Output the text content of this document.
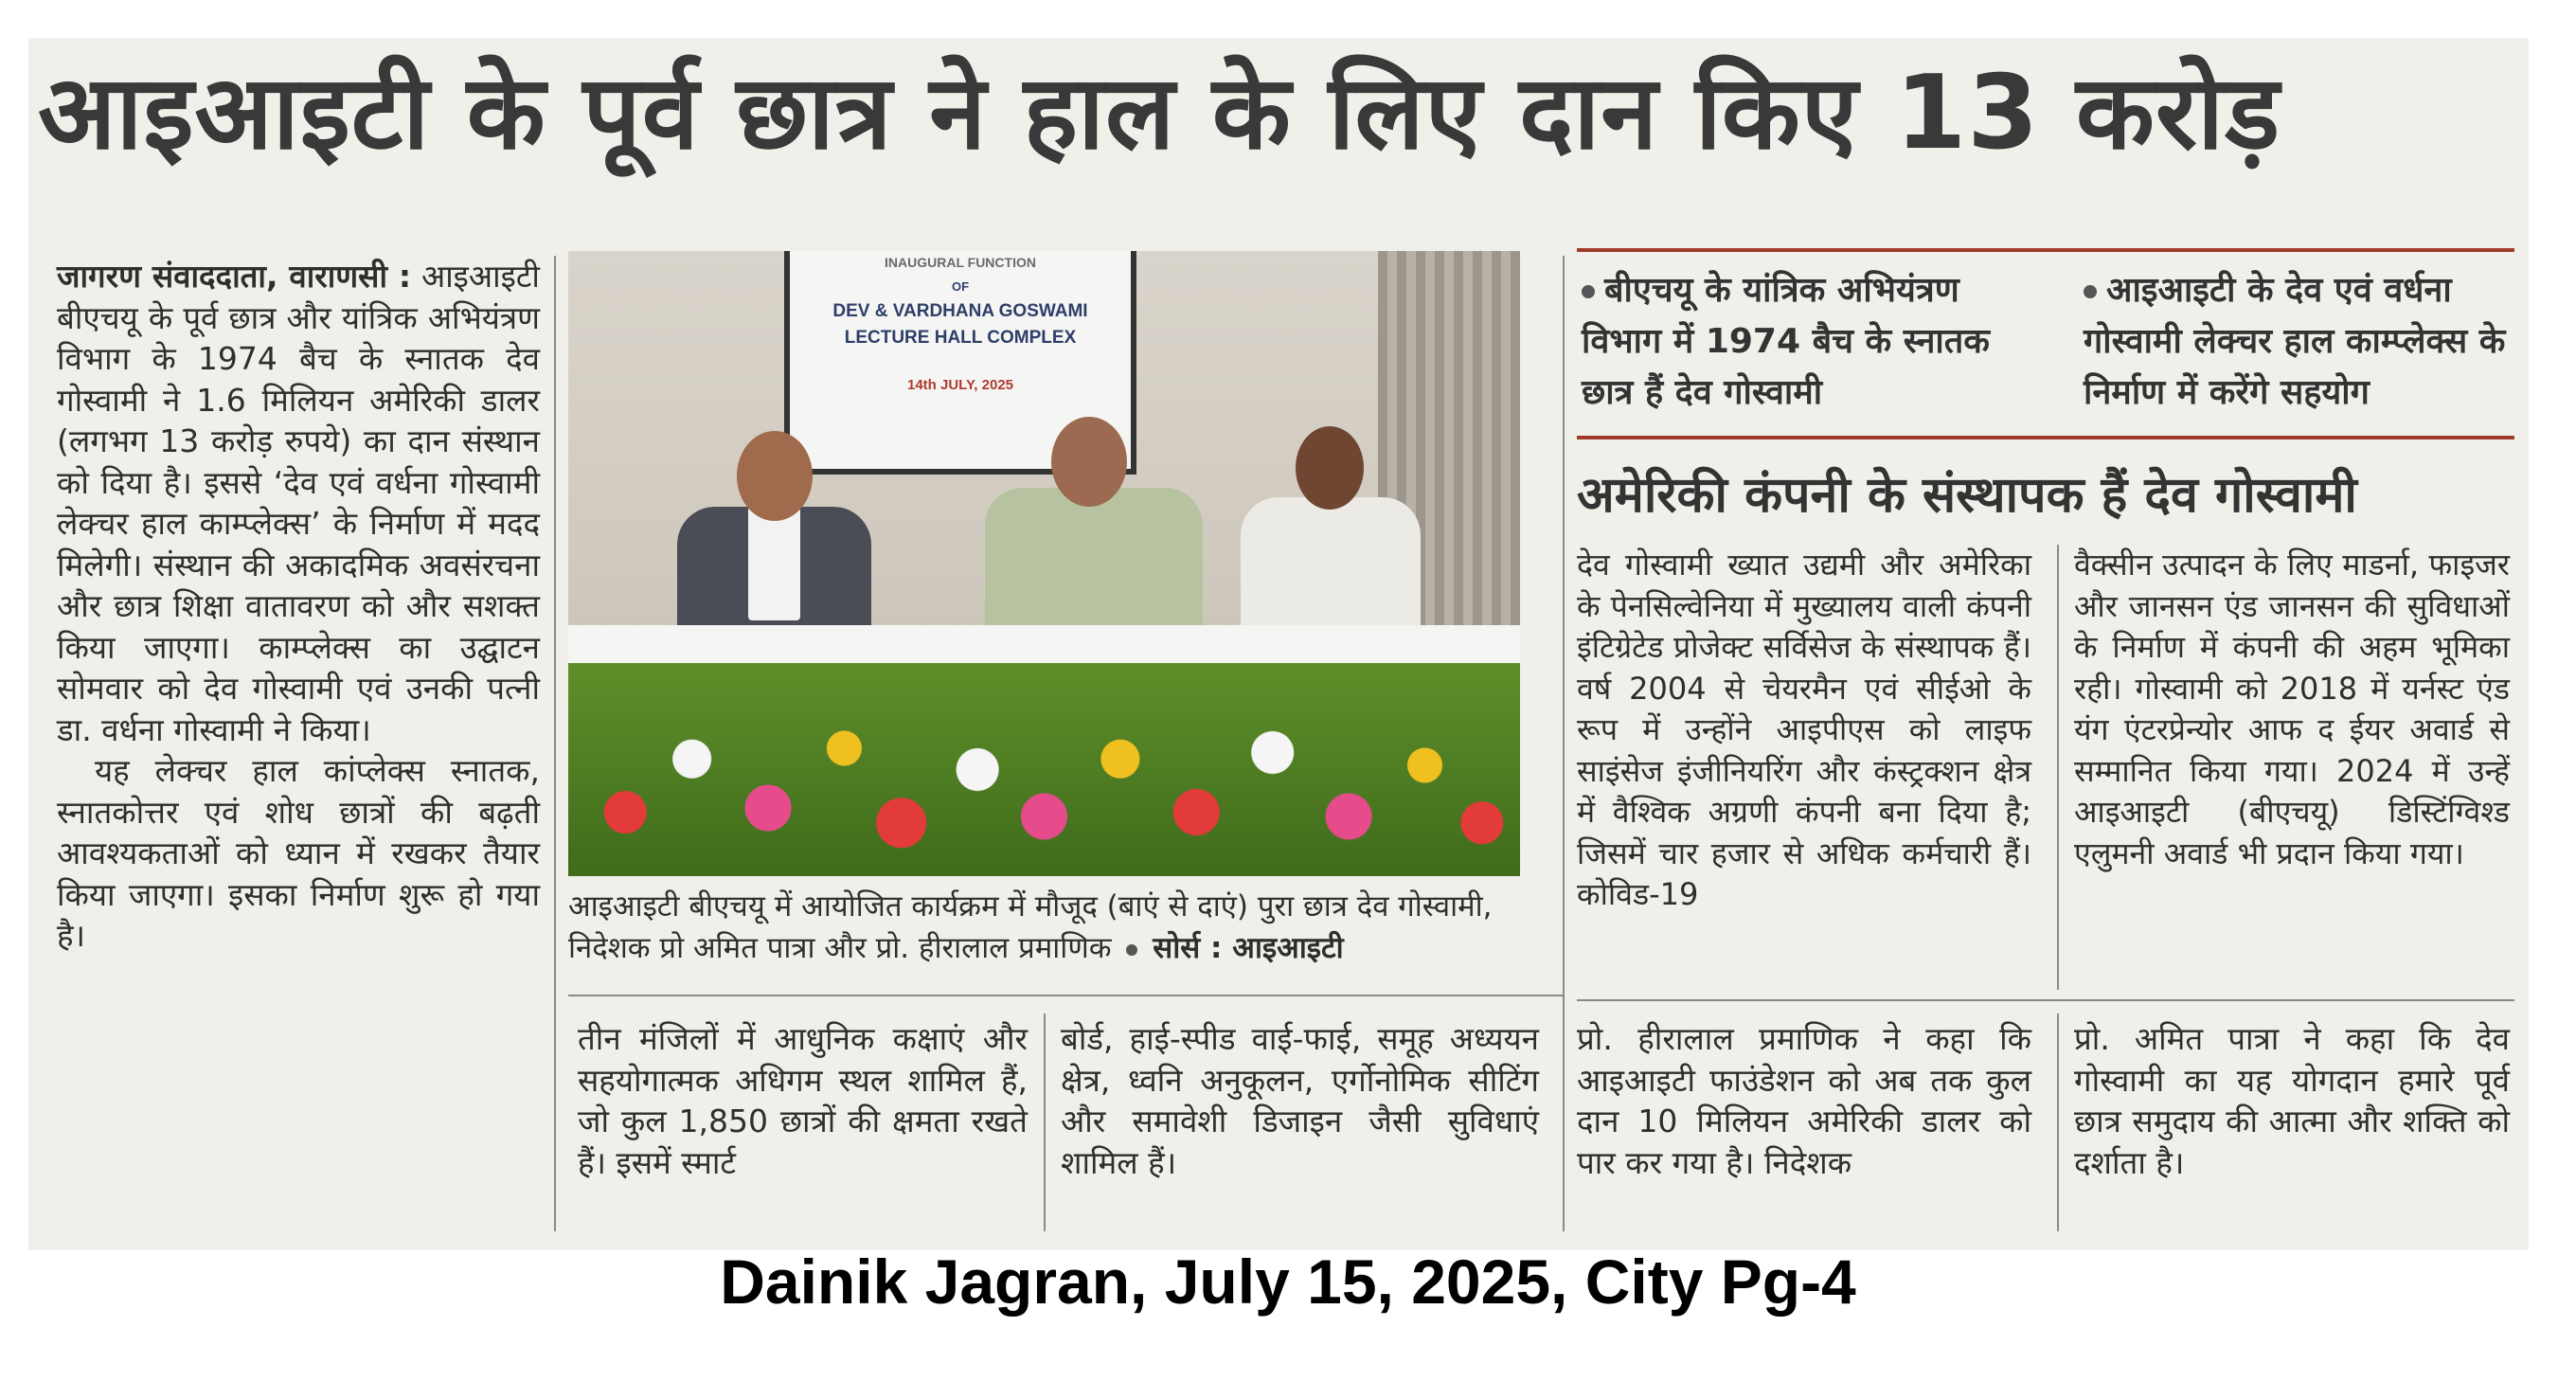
आइआइटी के पूर्व छात्र ने हाल के लिए दान किए 13 करोड़

जागरण संवाददाता, वाराणसी : आइआइटी बीएचयू के पूर्व छात्र और यांत्रिक अभियंत्रण विभाग के 1974 बैच के स्नातक देव गोस्वामी ने 1.6 मिलियन अमेरिकी डालर (लगभग 13 करोड़ रुपये) का दान संस्थान को दिया है। इससे ‘देव एवं वर्धना गोस्वामी लेक्चर हाल काम्प्लेक्स’ के निर्माण में मदद मिलेगी। संस्थान की अकादमिक अवसंरचना और छात्र शिक्षा वातावरण को और सशक्त किया जाएगा। काम्प्लेक्स का उद्घाटन सोमवार को देव गोस्वामी एवं उनकी पत्नी डा. वर्धना गोस्वामी ने किया।

यह लेक्चर हाल कांप्लेक्स स्नातक, स्नातकोत्तर एवं शोध छात्रों की बढ़ती आवश्यकताओं को ध्यान में रखकर तैयार किया जाएगा। इसका निर्माण शुरू हो गया है।

INAUGURAL FUNCTION
OF
DEV & VARDHANA GOSWAMI
LECTURE HALL COMPLEX
14th JULY, 2025
आइआइटी बीएचयू में आयोजित कार्यक्रम में मौजूद (बाएं से दाएं) पुरा छात्र देव गोस्वामी, निदेशक प्रो अमित पात्रा और प्रो. हीरालाल प्रमाणिक सोर्स : आइआइटी

तीन मंजिलों में आधुनिक कक्षाएं और सहयोगात्मक अधिगम स्थल शामिल हैं, जो कुल 1,850 छात्रों की क्षमता रखते हैं। इसमें स्मार्ट

बोर्ड, हाई-स्पीड वाई-फाई, समूह अध्ययन क्षेत्र, ध्वनि अनुकूलन, एर्गोनोमिक सीटिंग और समावेशी डिजाइन जैसी सुविधाएं शामिल हैं।

बीएचयू के यांत्रिक अभियंत्रण विभाग में 1974 बैच के स्नातक छात्र हैं देव गोस्वामी
आइआइटी के देव एवं वर्धना गोस्वामी लेक्चर हाल काम्प्लेक्स के निर्माण में करेंगे सहयोग
अमेरिकी कंपनी के संस्थापक हैं देव गोस्वामी

देव गोस्वामी ख्यात उद्यमी और अमेरिका के पेनसिल्वेनिया में मुख्यालय वाली कंपनी इंटिग्रेटेड प्रोजेक्ट सर्विसेज के संस्थापक हैं। वर्ष 2004 से चेयरमैन एवं सीईओ के रूप में उन्होंने आइपीएस को लाइफ साइंसेज इंजीनियरिंग और कंस्ट्रक्शन क्षेत्र में वैश्विक अग्रणी कंपनी बना दिया है; जिसमें चार हजार से अधिक कर्मचारी हैं। कोविड-19

वैक्सीन उत्पादन के लिए माडर्ना, फाइजर और जानसन एंड जानसन की सुविधाओं के निर्माण में कंपनी की अहम भूमिका रही। गोस्वामी को 2018 में यर्नस्ट एंड यंग एंटरप्रेन्योर आफ द ईयर अवार्ड से सम्मानित किया गया। 2024 में उन्हें आइआइटी (बीएचयू) डिस्टिंग्विश्ड एलुमनी अवार्ड भी प्रदान किया गया।

प्रो. हीरालाल प्रमाणिक ने कहा कि आइआइटी फाउंडेशन को अब तक कुल दान 10 मिलियन अमेरिकी डालर को पार कर गया है। निदेशक

प्रो. अमित पात्रा ने कहा कि देव गोस्वामी का यह योगदान हमारे पूर्व छात्र समुदाय की आत्मा और शक्ति को दर्शाता है।

Dainik Jagran, July 15, 2025, City Pg-4
